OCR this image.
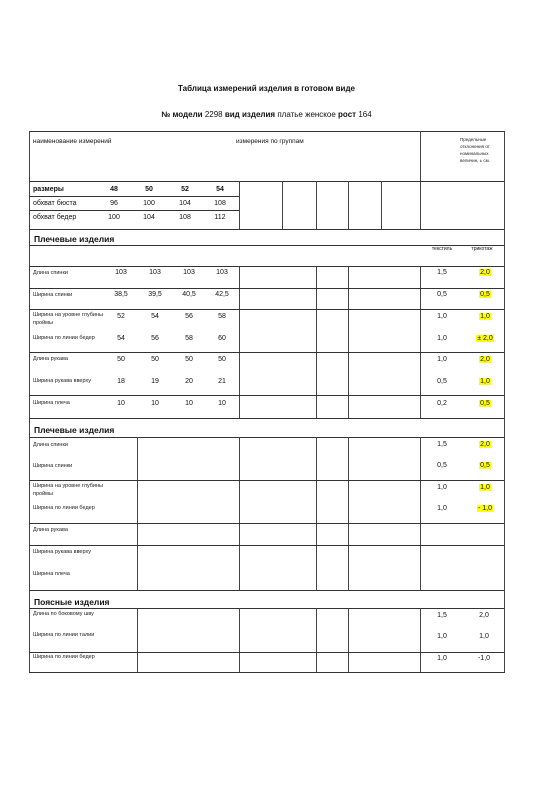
Таблица измерений изделия в готовом виде
№ модели 2298 вид изделия платье женское рост 164
наименование измерений	измерения по группам	Предельные отклонения от номинальных величин, ± см.
размеры	48	50	52	54
обхват бюста	96	100	104	108
обхват бедер	100	104	108	112
Плечевые изделия
текстиль	трикотаж
Длина спинки	103	103	103	103	1,5	2,0
Ширина спинки	38,5	39,5	40,5	42,5	0,5	0,5
Ширина на уровне глубины проймы
52	54	56	58	1,0	1,0
Ширина по линии бедер	54	56	58	60	1,0	± 2,0
Длина рукава	50	50	50	50	1,0	2,0
Ширина рукава вверху	18	19	20	21	0,5	1,0
Ширина плеча	10	10	10	10	0,2	0,5
Плечевые изделия
Длина спинки	1,5	2,0
Ширина спинки	0,5	0,5
Ширина на уровне глубины проймы
1,0	1,0
Ширина по линии бедер	1,0	- 1,0
Длина рукава
Ширина рукава вверху
Ширина плеча
Поясные изделия
Длина по боковому шву	1,5	2,0
Ширина по линии талии	1,0	1,0
Ширина по линии бедер	1,0	-1,0
